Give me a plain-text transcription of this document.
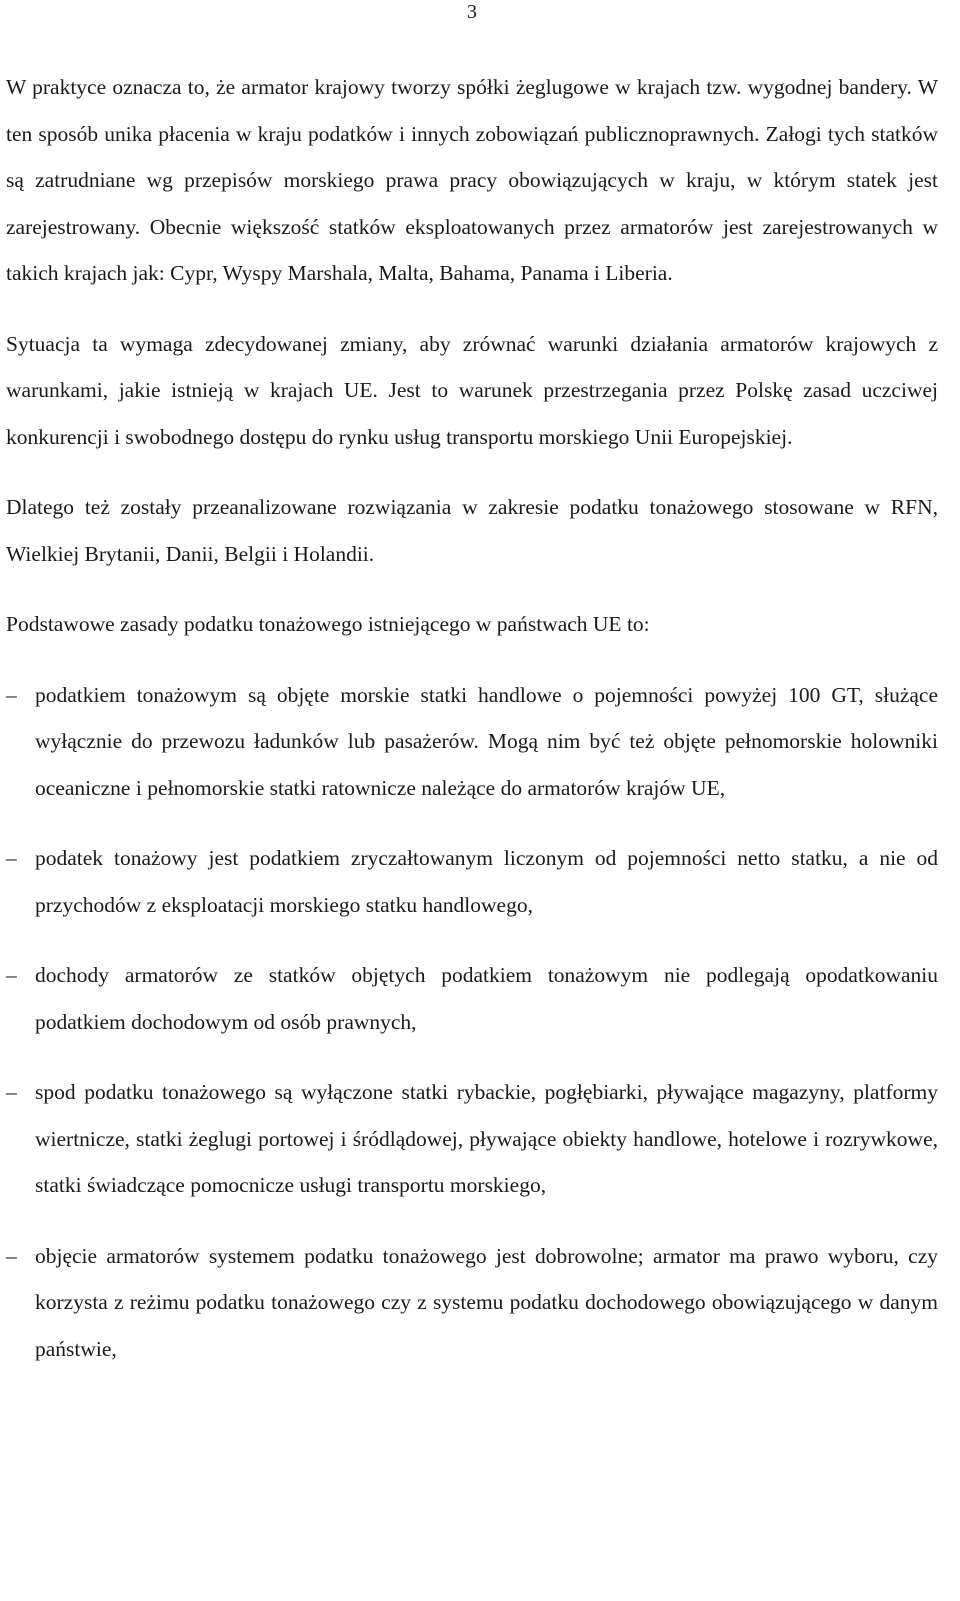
3

W praktyce oznacza to, że armator krajowy tworzy spółki żeglugowe w krajach tzw. wygodnej bandery. W ten sposób unika płacenia w kraju podatków i innych zobowiązań publicznoprawnych. Załogi tych statków są zatrudniane wg przepisów morskiego prawa pracy obowiązujących w kraju, w którym statek jest zarejestrowany. Obecnie większość statków eksploatowanych przez armatorów jest zarejestrowanych w takich krajach jak: Cypr, Wyspy Marshala, Malta, Bahama, Panama i Liberia.

Sytuacja ta wymaga zdecydowanej zmiany, aby zrównać warunki działania armatorów krajowych z warunkami, jakie istnieją w krajach UE. Jest to warunek przestrzegania przez Polskę zasad uczciwej konkurencji i swobodnego dostępu do rynku usług transportu morskiego Unii Europejskiej.

Dlatego też zostały przeanalizowane rozwiązania w zakresie podatku tonażowego stosowane w RFN, Wielkiej Brytanii, Danii, Belgii i Holandii.

Podstawowe zasady podatku tonażowego istniejącego w państwach UE to:

– podatkiem tonażowym są objęte morskie statki handlowe o pojemności powyżej 100 GT, służące wyłącznie do przewozu ładunków lub pasażerów. Mogą nim być też objęte pełnomorskie holowniki oceaniczne i pełnomorskie statki ratownicze należące do armatorów krajów UE,
– podatek tonażowy jest podatkiem zryczałtowanym liczonym od pojemności netto statku, a nie od przychodów z eksploatacji morskiego statku handlowego,
– dochody armatorów ze statków objętych podatkiem tonażowym nie podlegają opodatkowaniu podatkiem dochodowym od osób prawnych,
– spod podatku tonażowego są wyłączone statki rybackie, pogłębiarki, pływające magazyny, platformy wiertnicze, statki żeglugi portowej i śródlądowej, pływające obiekty handlowe, hotelowe i rozrywkowe, statki świadczące pomocnicze usługi transportu morskiego,
– objęcie armatorów systemem podatku tonażowego jest dobrowolne; armator ma prawo wyboru, czy korzysta z reżimu podatku tonażowego czy z systemu podatku dochodowego obowiązującego w danym państwie,
